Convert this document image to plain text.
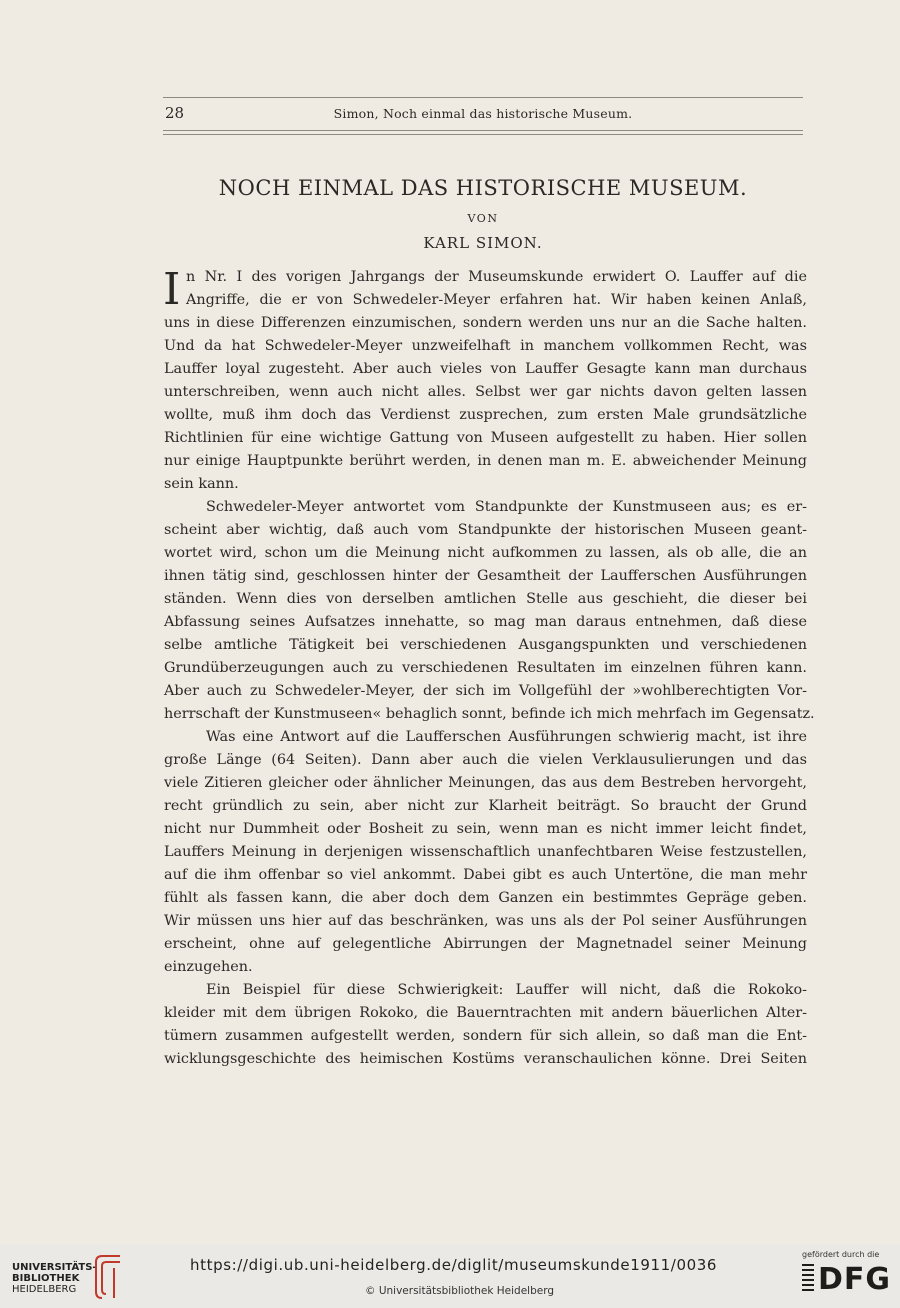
28	Simon, Noch einmal das historische Museum.
NOCH EINMAL DAS HISTORISCHE MUSEUM.
VON
KARL SIMON.
I n Nr. I des vorigen Jahrgangs der Museumskunde erwidert O. Lauffer auf die
Angriffe, die er von Schwedeler-Meyer erfahren hat. Wir haben keinen Anlaß,
uns in diese Differenzen einzumischen, sondern werden uns nur an die Sache halten.
Und da hat Schwedeler-Meyer unzweifelhaft in manchem vollkommen Recht, was
Lauffer loyal zugesteht. Aber auch vieles von Lauffer Gesagte kann man durchaus
unterschreiben, wenn auch nicht alles. Selbst wer gar nichts davon gelten lassen
wollte, muß ihm doch das Verdienst zusprechen, zum ersten Male grundsätzliche
Richtlinien für eine wichtige Gattung von Museen aufgestellt zu haben. Hier sollen
nur einige Hauptpunkte berührt werden, in denen man m. E. abweichender Meinung
sein kann.
Schwedeler-Meyer antwortet vom Standpunkte der Kunstmuseen aus; es er-
scheint aber wichtig, daß auch vom Standpunkte der historischen Museen geant-
wortet wird, schon um die Meinung nicht aufkommen zu lassen, als ob alle, die an
ihnen tätig sind, geschlossen hinter der Gesamtheit der Laufferschen Ausführungen
ständen. Wenn dies von derselben amtlichen Stelle aus geschieht, die dieser bei
Abfassung seines Aufsatzes innehatte, so mag man daraus entnehmen, daß diese
selbe amtliche Tätigkeit bei verschiedenen Ausgangspunkten und verschiedenen
Grundüberzeugungen auch zu verschiedenen Resultaten im einzelnen führen kann.
Aber auch zu Schwedeler-Meyer, der sich im Vollgefühl der »wohlberechtigten Vor-
herrschaft der Kunstmuseen« behaglich sonnt, befinde ich mich mehrfach im Gegensatz.
Was eine Antwort auf die Laufferschen Ausführungen schwierig macht, ist ihre
große Länge (64 Seiten). Dann aber auch die vielen Verklausulierungen und das
viele Zitieren gleicher oder ähnlicher Meinungen, das aus dem Bestreben hervorgeht,
recht gründlich zu sein, aber nicht zur Klarheit beiträgt. So braucht der Grund
nicht nur Dummheit oder Bosheit zu sein, wenn man es nicht immer leicht findet,
Lauffers Meinung in derjenigen wissenschaftlich unanfechtbaren Weise festzustellen,
auf die ihm offenbar so viel ankommt. Dabei gibt es auch Untertöne, die man mehr
fühlt als fassen kann, die aber doch dem Ganzen ein bestimmtes Gepräge geben.
Wir müssen uns hier auf das beschränken, was uns als der Pol seiner Ausführungen
erscheint, ohne auf gelegentliche Abirrungen der Magnetnadel seiner Meinung
einzugehen.
Ein Beispiel für diese Schwierigkeit: Lauffer will nicht, daß die Rokoko-
kleider mit dem übrigen Rokoko, die Bauerntrachten mit andern bäuerlichen Alter-
tümern zusammen aufgestellt werden, sondern für sich allein, so daß man die Ent-
wicklungsgeschichte des heimischen Kostüms veranschaulichen könne. Drei Seiten
UNIVERSITÄTS-
BIBLIOTHEK
HEIDELBERG
https://digi.ub.uni-heidelberg.de/diglit/museumskunde1911/0036
© Universitätsbibliothek Heidelberg
gefördert durch die
DFG
